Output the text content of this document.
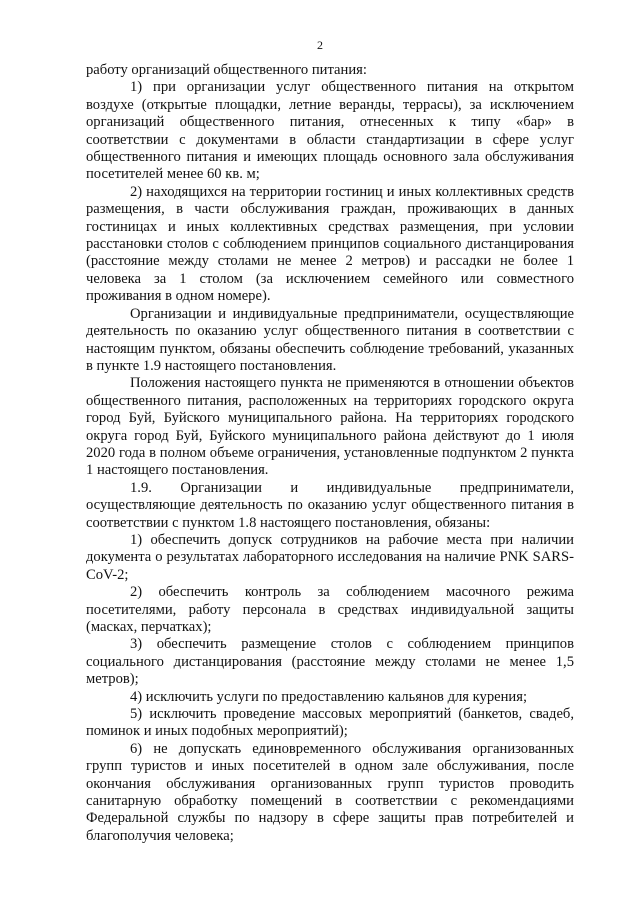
2

работу организаций общественного питания:

1) при организации услуг общественного питания на открытом воздухе (открытые площадки, летние веранды, террасы), за исключением организаций общественного питания, отнесенных к типу «бар» в соответствии с документами в области стандартизации в сфере услуг общественного питания и имеющих площадь основного зала обслуживания посетителей менее 60 кв. м;

2) находящихся на территории гостиниц и иных коллективных средств размещения, в части обслуживания граждан, проживающих в данных гостиницах и иных коллективных средствах размещения, при условии расстановки столов с соблюдением принципов социального дистанцирования (расстояние между столами не менее 2 метров) и рассадки не более 1 человека за 1 столом (за исключением семейного или совместного проживания в одном номере).

Организации и индивидуальные предприниматели, осуществляющие деятельность по оказанию услуг общественного питания в соответствии с настоящим пунктом, обязаны обеспечить соблюдение требований, указанных в пункте 1.9 настоящего постановления.

Положения настоящего пункта не применяются в отношении объектов общественного питания, расположенных на территориях городского округа город Буй, Буйского муниципального района. На территориях городского округа город Буй, Буйского муниципального района действуют до 1 июля 2020 года в полном объеме ограничения, установленные подпунктом 2 пункта 1 настоящего постановления.

1.9. Организации и индивидуальные предприниматели, осуществляющие деятельность по оказанию услуг общественного питания в соответствии с пунктом 1.8 настоящего постановления, обязаны:

1) обеспечить допуск сотрудников на рабочие места при наличии документа о результатах лабораторного исследования на наличие PNK SARS-CoV-2;

2) обеспечить контроль за соблюдением масочного режима посетителями, работу персонала в средствах индивидуальной защиты (масках, перчатках);

3) обеспечить размещение столов с соблюдением принципов социального дистанцирования (расстояние между столами не менее 1,5 метров);

4) исключить услуги по предоставлению кальянов для курения;

5) исключить проведение массовых мероприятий (банкетов, свадеб, поминок и иных подобных мероприятий);

6) не допускать единовременного обслуживания организованных групп туристов и иных посетителей в одном зале обслуживания, после окончания обслуживания организованных групп туристов проводить санитарную обработку помещений в соответствии с рекомендациями Федеральной службы по надзору в сфере защиты прав потребителей и благополучия человека;
